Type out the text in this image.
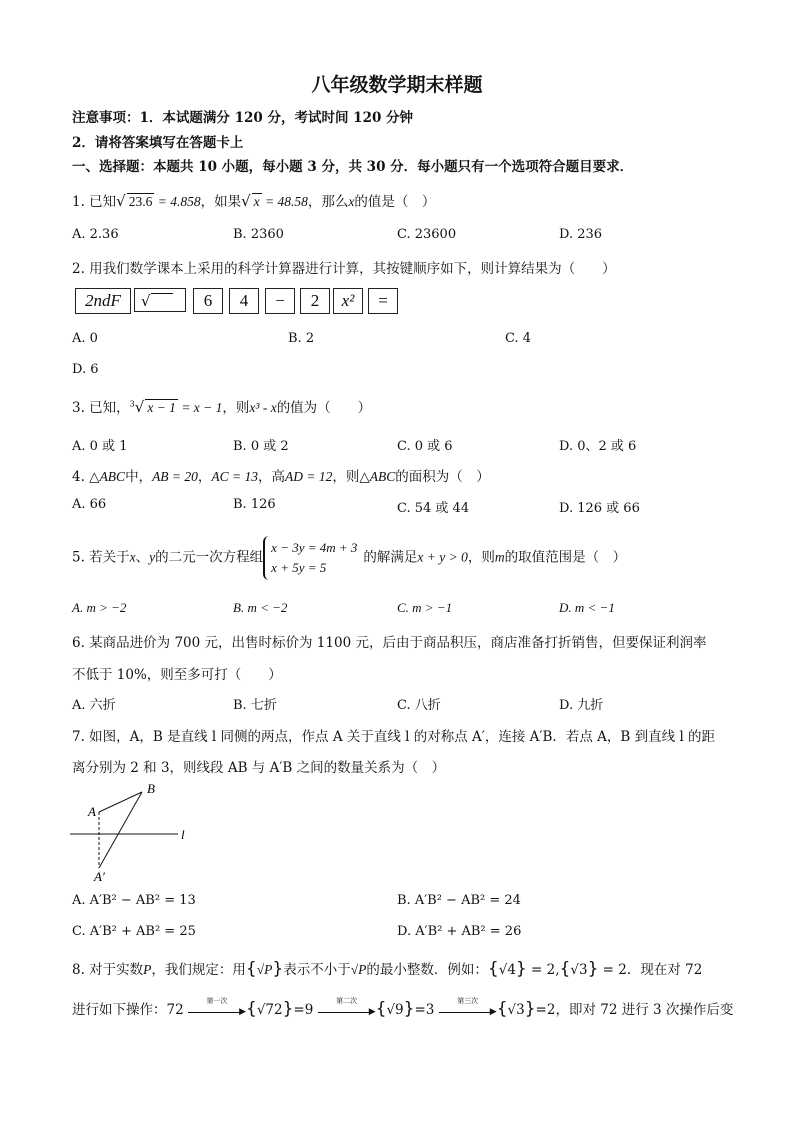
八年级数学期末样题
注意事项：1．本试题满分 120 分，考试时间 120 分钟
2．请将答案填写在答题卡上
一、选择题：本题共 10 小题，每小题 3 分，共 30 分．每小题只有一个选项符合题目要求．
1. 已知√ 23.6 = 4.858，如果√ x = 48.58，那么x的值是（　）
A. 2.36	B. 2360	C. 23600	D. 236
2. 用我们数学课本上采用的科学计算器进行计算，其按键顺序如下，则计算结果为（　　）
2ndF	√	6	4	−	2	x²	=
A. 0	B. 2	C. 4
D. 6
3. 已知，$^3$√ x − 1 = x − 1，则x³ - x的值为（　　）
A. 0 或 1	B. 0 或 2	C. 0 或 6	D. 0、2 或 6
4. △ABC中，AB = 20，AC = 13，高AD = 12，则△ABC的面积为（　）
A. 66	B. 126	C. 54 或 44	D. 126 或 66
5. 若关于x、y的二元一次方程组x − 3y = 4m + 3
x + 5y = 5的解满足x + y > 0，则m的取值范围是（　）
A. m > −2	B. m < −2	C. m > −1	D. m < −1
6. 某商品进价为 700 元，出售时标价为 1100 元，后由于商品积压，商店准备打折销售，但要保证利润率
不低于 10%，则至多可打（　　）
A. 六折	B. 七折	C. 八折	D. 九折
7. 如图，A，B 是直线 l 同侧的两点，作点 A 关于直线 l 的对称点 A′，连接 A′B．若点 A，B 到直线 l 的距
离分别为 2 和 3，则线段 AB 与 A′B 之间的数量关系为（　）
A
B
l
A′
A. A′B² − AB² = 13	B. A′B² − AB² = 24
C. A′B² + AB² = 25	D. A′B² + AB² = 26
8. 对于实数P，我们规定：用{√P}表示不小于√P的最小整数．例如：{√4} = 2,{√3} = 2．现在对 72
进行如下操作：72
第一次
▶ {√72}=9
第二次
▶ {√9}=3
第三次
▶ {√3}=2，即对 72 进行 3 次操作后变
